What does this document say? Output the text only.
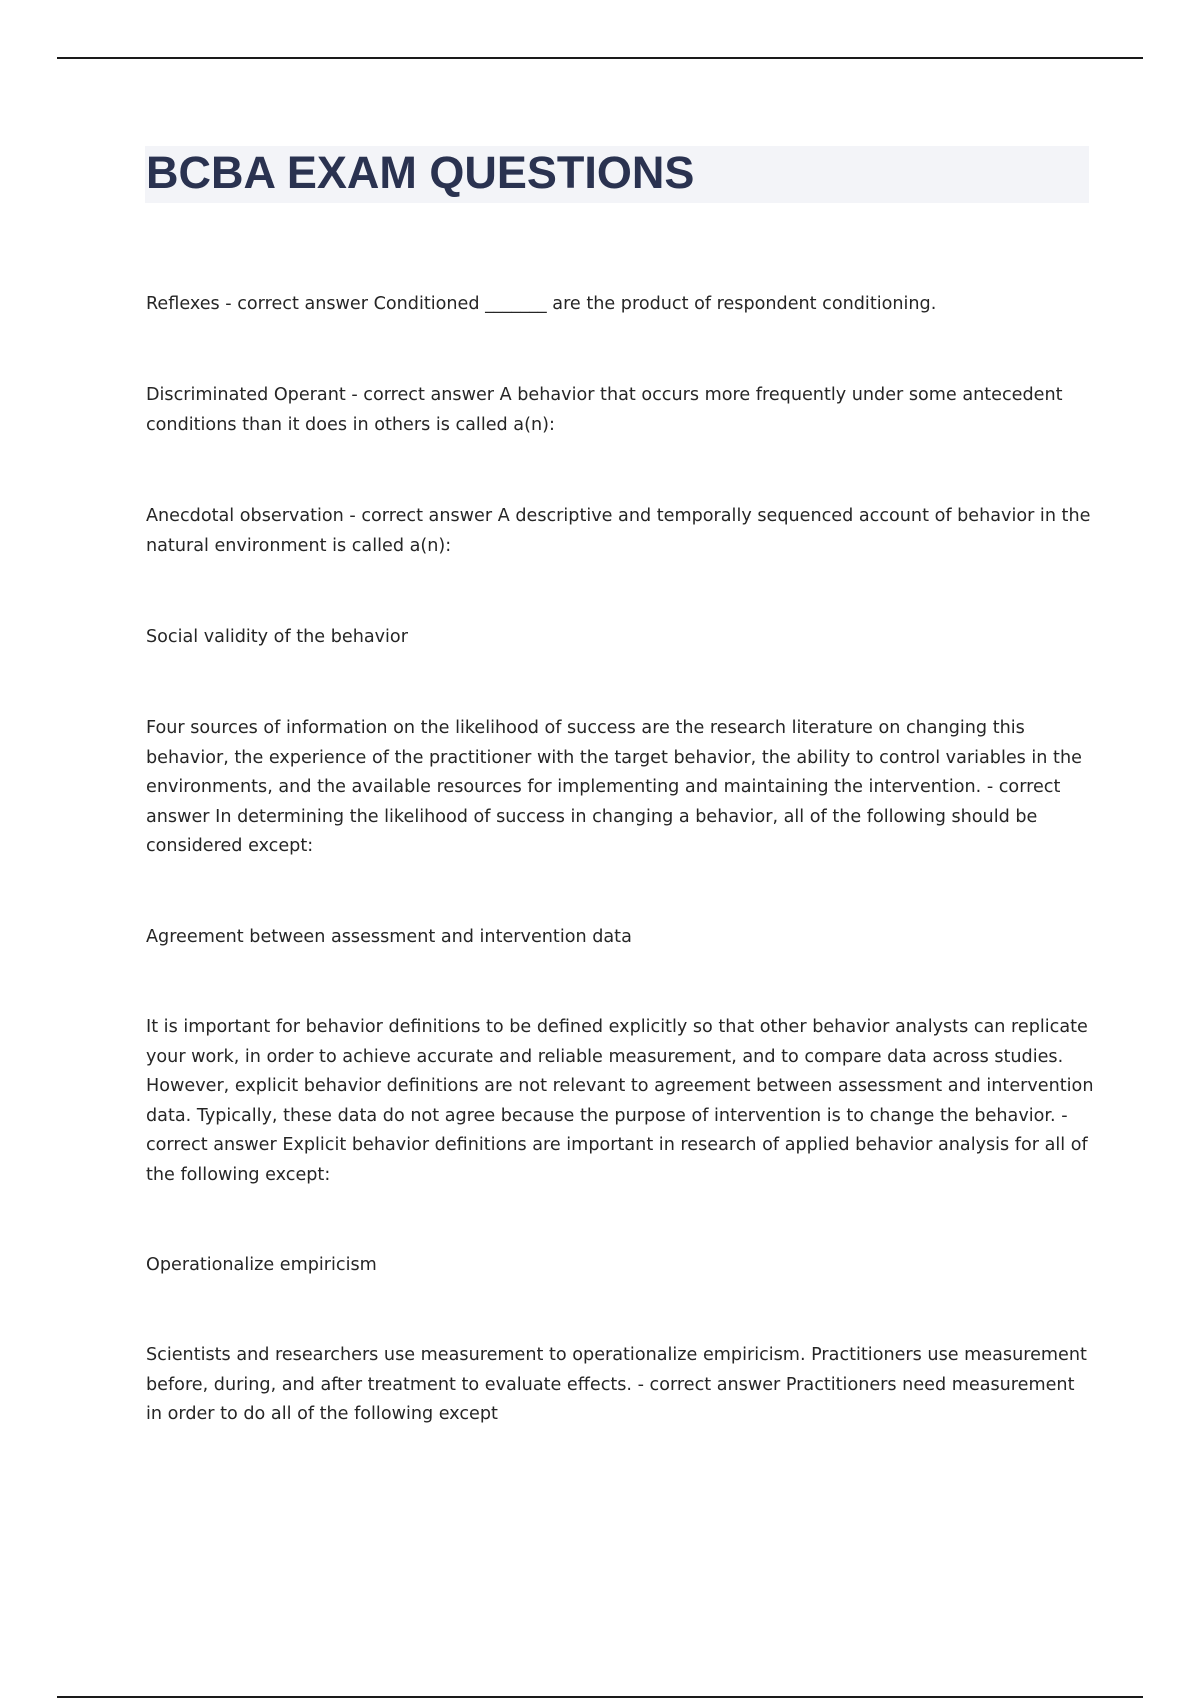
BCBA EXAM QUESTIONS

Reflexes - correct answer Conditioned _______ are the product of respondent conditioning.

Discriminated Operant - correct answer A behavior that occurs more frequently under some antecedent conditions than it does in others is called a(n):

Anecdotal observation - correct answer A descriptive and temporally sequenced account of behavior in the natural environment is called a(n):

Social validity of the behavior

Four sources of information on the likelihood of success are the research literature on changing this behavior, the experience of the practitioner with the target behavior, the ability to control variables in the environments, and the available resources for implementing and maintaining the intervention. - correct answer In determining the likelihood of success in changing a behavior, all of the following should be considered except:

Agreement between assessment and intervention data

It is important for behavior definitions to be defined explicitly so that other behavior analysts can replicate your work, in order to achieve accurate and reliable measurement, and to compare data across studies. However, explicit behavior definitions are not relevant to agreement between assessment and intervention data. Typically, these data do not agree because the purpose of intervention is to change the behavior. - correct answer Explicit behavior definitions are important in research of applied behavior analysis for all of the following except:

Operationalize empiricism

Scientists and researchers use measurement to operationalize empiricism. Practitioners use measurement before, during, and after treatment to evaluate effects. - correct answer Practitioners need measurement in order to do all of the following except
